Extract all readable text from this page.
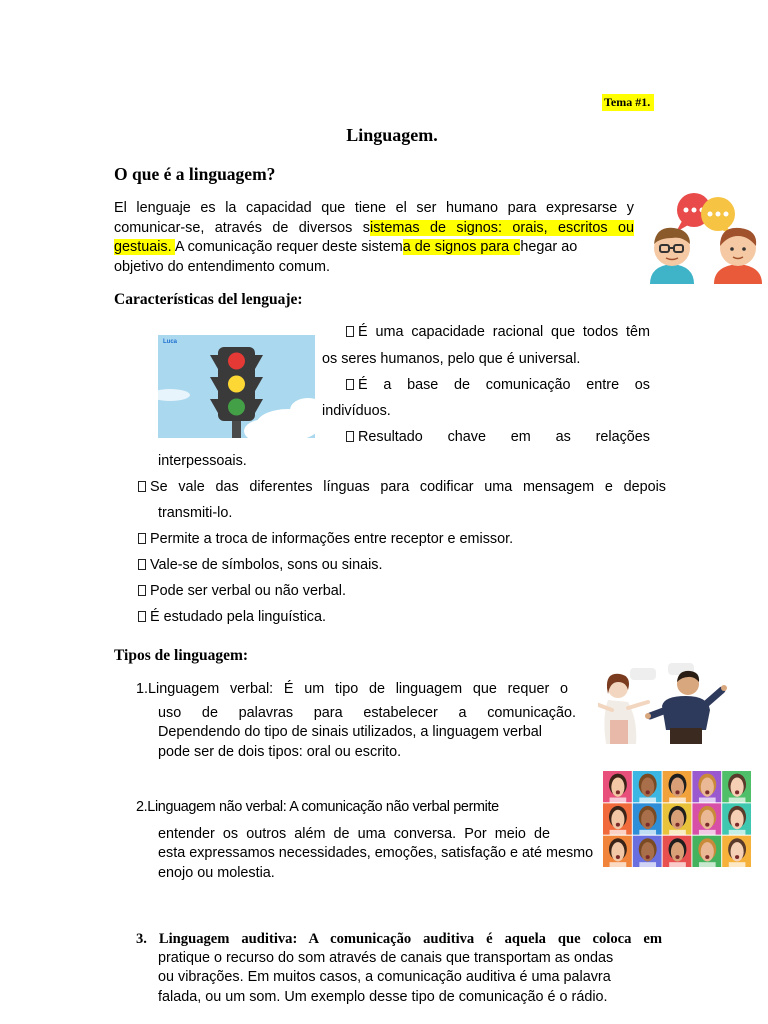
Tema #1.
Linguagem.
O que é a linguagem?
El lenguaje es la capacidad que tiene el ser humano para expresarse y
comunicar-se, através de diversos sistemas de signos: orais, escritos ou
gestuais. A comunicação requer deste sistema de signos para chegar ao
objetivo do entendimento comum.
Características del lenguaje:
Luca
É uma capacidade racional que todos têm
os seres humanos, pelo que é universal.
É a base de comunicação entre os
indivíduos.
Resultado chave em as relações
interpessoais.
Se vale das diferentes línguas para codificar uma mensagem e depois
transmiti-lo.
Permite a troca de informações entre receptor e emissor.
Vale-se de símbolos, sons ou sinais.
Pode ser verbal ou não verbal.
É estudado pela linguística.
Tipos de linguagem:
1.Linguagem verbal: É um tipo de linguagem que requer o
uso de palavras para estabelecer a comunicação.
Dependendo do tipo de sinais utilizados, a linguagem verbal
pode ser de dois tipos: oral ou escrito.
2.Linguagem não verbal: A comunicação não verbal permite
entender os outros além de uma conversa. Por meio de
esta expressamos necessidades, emoções, satisfação e até mesmo
enojo ou molestia.
3. Linguagem auditiva: A comunicação auditiva é aquela que coloca em
pratique o recurso do som através de canais que transportam as ondas
ou vibrações. Em muitos casos, a comunicação auditiva é uma palavra
falada, ou um som. Um exemplo desse tipo de comunicação é o rádio.
